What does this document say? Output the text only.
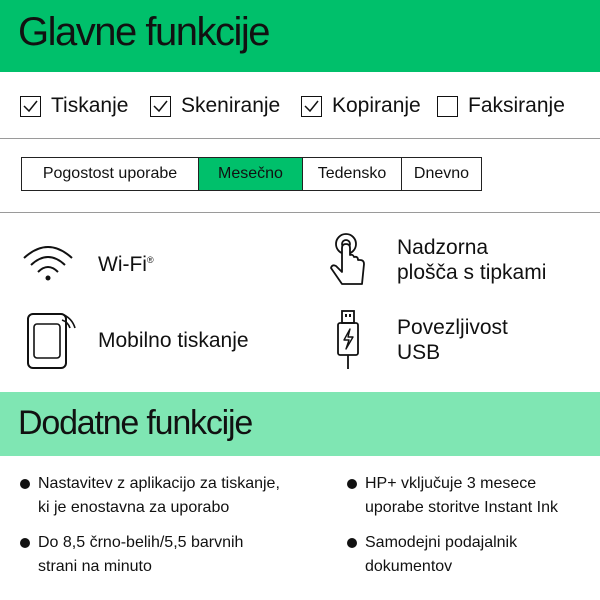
Glavne funkcije
Tiskanje	Skeniranje Kopiranje Faksiranje
Pogostost uporabe	Mesečno	Tedensko	Dnevno
Wi-Fi®
Nadzorna
plošča s tipkami
Mobilno tiskanje
Povezljivost
USB
Dodatne funkcije
Nastavitev z aplikacijo za tiskanje,
ki je enostavna za uporabo
HP+ vključuje 3 mesece
uporabe storitve Instant Ink
Do 8,5 črno-belih/5,5 barvnih
strani na minuto
Samodejni podajalnik
dokumentov
